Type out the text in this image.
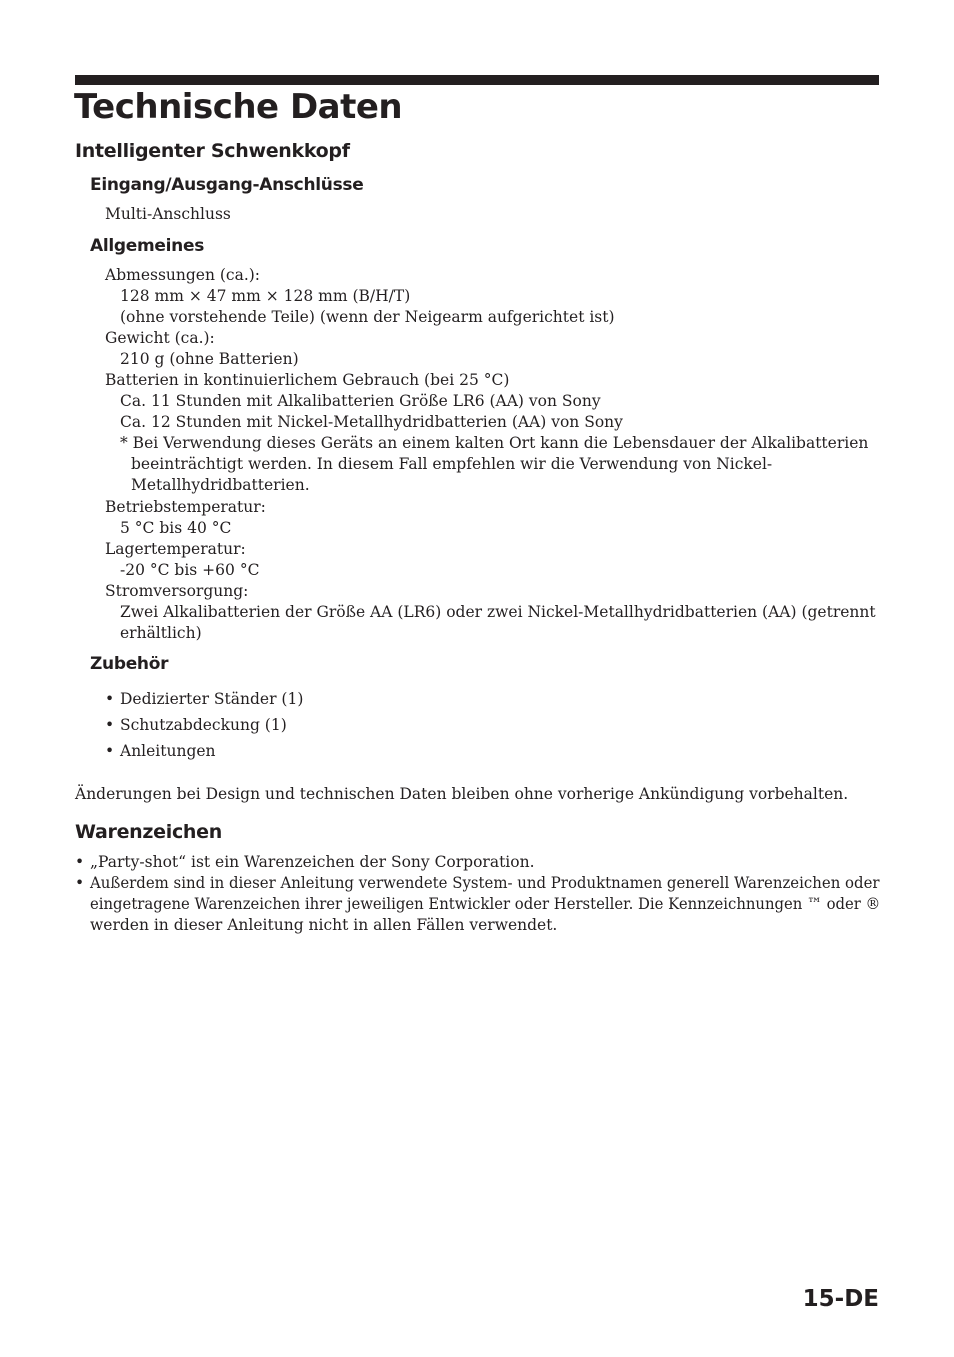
Technische Daten
Intelligenter Schwenkkopf
Eingang/Ausgang-Anschlüsse

Multi-Anschluss

Allgemeines

Abmessungen (ca.):

128 mm × 47 mm × 128 mm (B/H/T)

(ohne vorstehende Teile) (wenn der Neigearm aufgerichtet ist)

Gewicht (ca.):

210 g (ohne Batterien)

Batterien in kontinuierlichem Gebrauch (bei 25 °C)

Ca. 11 Stunden mit Alkalibatterien Größe LR6 (AA) von Sony

Ca. 12 Stunden mit Nickel-Metallhydridbatterien (AA) von Sony

* Bei Verwendung dieses Geräts an einem kalten Ort kann die Lebensdauer der Alkalibatterien

beeinträchtigt werden. In diesem Fall empfehlen wir die Verwendung von Nickel-

Metallhydridbatterien.

Betriebstemperatur:

5 °C bis 40 °C

Lagertemperatur:

-20 °C bis +60 °C

Stromversorgung:

Zwei Alkalibatterien der Größe AA (LR6) oder zwei Nickel-Metallhydridbatterien (AA) (getrennt

erhältlich)

Zubehör
• Dedizierter Ständer (1)

• Schutzabdeckung (1)

• Anleitungen

Änderungen bei Design und technischen Daten bleiben ohne vorherige Ankündigung vorbehalten.

Warenzeichen
• „Party-shot“ ist ein Warenzeichen der Sony Corporation.

• Außerdem sind in dieser Anleitung verwendete System- und Produktnamen generell Warenzeichen oder

eingetragene Warenzeichen ihrer jeweiligen Entwickler oder Hersteller. Die Kennzeichnungen ™ oder ®

werden in dieser Anleitung nicht in allen Fällen verwendet.

15-DE
